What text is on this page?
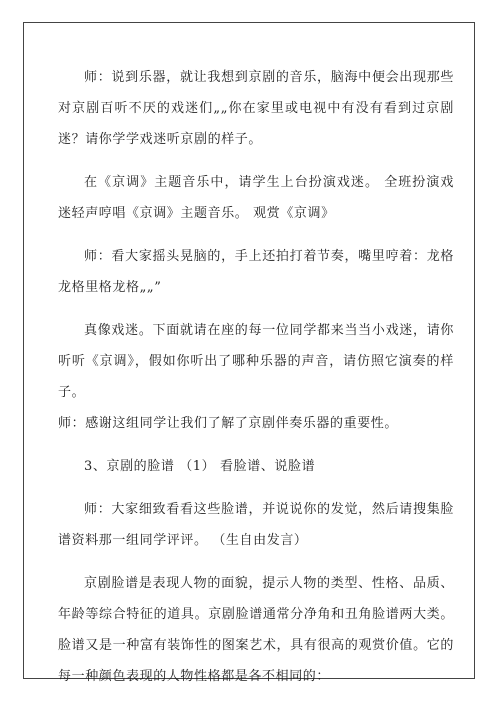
师：说到乐器，就让我想到京剧的音乐，脑海中便会出现那些对京剧百听不厌的戏迷们„„你在家里或电视中有没有看到过京剧迷？请你学学戏迷听京剧的样子。

在《京调》主题音乐中，请学生上台扮演戏迷。 全班扮演戏迷轻声哼唱《京调》主题音乐。 观赏《京调》

师：看大家摇头晃脑的，手上还拍打着节奏，嘴里哼着：龙格龙格里格龙格„„”

真像戏迷。下面就请在座的每一位同学都来当当小戏迷，请你听听《京调》，假如你听出了哪种乐器的声音，请仿照它演奏的样子。

师：感谢这组同学让我们了解了京剧伴奏乐器的重要性。

3、京剧的脸谱 （1） 看脸谱、说脸谱

师：大家细致看看这些脸谱，并说说你的发觉，然后请搜集脸谱资料那一组同学评评。 （生自由发言）

京剧脸谱是表现人物的面貌，提示人物的类型、性格、品质、年龄等综合特征的道具。京剧脸谱通常分净角和丑角脸谱两大类。脸谱又是一种富有装饰性的图案艺术，具有很高的观赏价值。它的每一种颜色表现的人物性格都是各不相同的：
